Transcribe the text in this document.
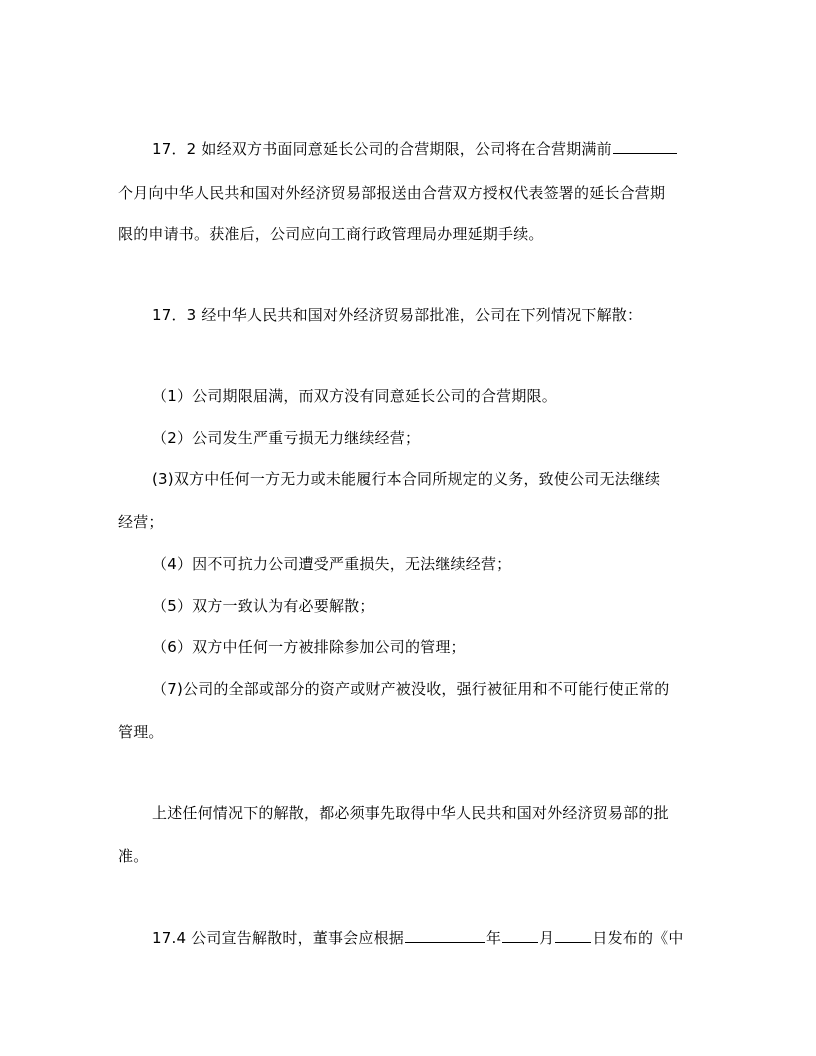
17．2 如经双方书面同意延长公司的合营期限，公司将在合营期满前
个月向中华人民共和国对外经济贸易部报送由合营双方授权代表签署的延长合营期
限的申请书。获准后，公司应向工商行政管理局办理延期手续。
17．3 经中华人民共和国对外经济贸易部批准，公司在下列情况下解散：
（1）公司期限届满，而双方没有同意延长公司的合营期限。
（2）公司发生严重亏损无力继续经营；
(3)双方中任何一方无力或未能履行本合同所规定的义务，致使公司无法继续
经营；
（4）因不可抗力公司遭受严重损失，无法继续经营；
（5）双方一致认为有必要解散；
（6）双方中任何一方被排除参加公司的管理；
（7)公司的全部或部分的资产或财产被没收，强行被征用和不可能行使正常的
管理。
上述任何情况下的解散，都必须事先取得中华人民共和国对外经济贸易部的批
准。
17.4 公司宣告解散时，董事会应根据	年	月	日发布的《中
